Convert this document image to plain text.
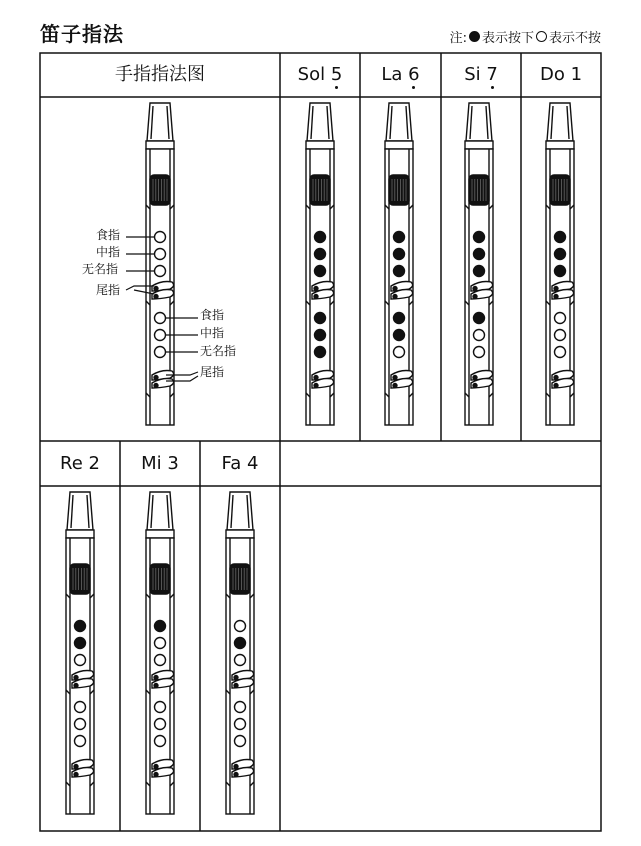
笛子指法	注: 表示按下 表示不按
手指指法图	Sol 5	La 6	Si 7	Do 1
Re 2	Mi 3	Fa 4
食指
中指
无名指
尾指
食指
中指
无名指
尾指
